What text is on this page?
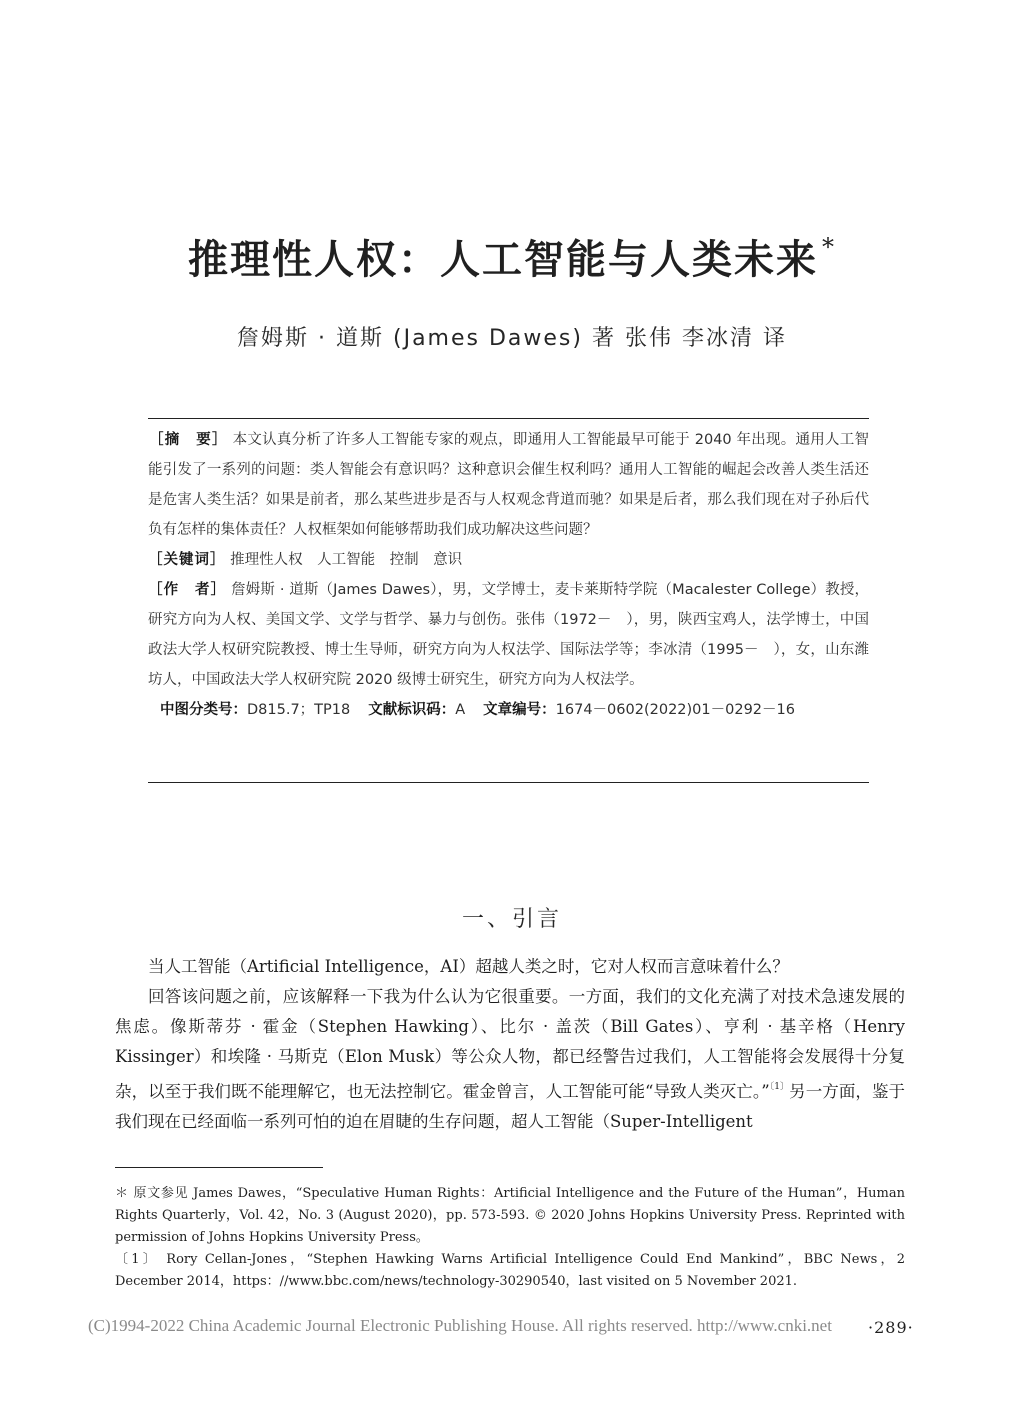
推理性人权：人工智能与人类未来 *
詹姆斯 · 道斯 (James Dawes) 著 张伟 李冰清 译

［摘　要］ 本文认真分析了许多人工智能专家的观点，即通用人工智能最早可能于 2040 年出现。通用人工智能引发了一系列的问题：类人智能会有意识吗？这种意识会催生权利吗？通用人工智能的崛起会改善人类生活还是危害人类生活？如果是前者，那么某些进步是否与人权观念背道而驰？如果是后者，那么我们现在对子孙后代负有怎样的集体责任？人权框架如何能够帮助我们成功解决这些问题？

［关键词］ 推理性人权　人工智能　控制　意识

［作　者］ 詹姆斯 · 道斯（James Dawes），男，文学博士，麦卡莱斯特学院（Macalester College）教授，研究方向为人权、美国文学、文学与哲学、暴力与创伤。张伟（1972－　），男，陕西宝鸡人，法学博士，中国政法大学人权研究院教授、博士生导师，研究方向为人权法学、国际法学等；李冰清（1995－　），女，山东潍坊人，中国政法大学人权研究院 2020 级博士研究生，研究方向为人权法学。

中图分类号：D815.7；TP18 文献标识码：A 文章编号：1674－0602(2022)01－0292－16

一、引言

当人工智能（Artificial Intelligence，AI）超越人类之时，它对人权而言意味着什么？

回答该问题之前，应该解释一下我为什么认为它很重要。一方面，我们的文化充满了对技术急速发展的焦虑。像斯蒂芬 · 霍金（Stephen Hawking）、比尔 · 盖茨（Bill Gates）、亨利 · 基辛格（Henry Kissinger）和埃隆 · 马斯克（Elon Musk）等公众人物，都已经警告过我们，人工智能将会发展得十分复杂，以至于我们既不能理解它，也无法控制它。霍金曾言，人工智能可能“导致人类灭亡。”$^{〔1〕}$另一方面，鉴于我们现在已经面临一系列可怕的迫在眉睫的生存问题，超人工智能（Super-Intelligent

＊ 原文参见 James Dawes，“Speculative Human Rights：Artificial Intelligence and the Future of the Human”，Human Rights Quarterly，Vol. 42，No. 3 (August 2020)，pp. 573-593. © 2020 Johns Hopkins University Press. Reprinted with permission of Johns Hopkins University Press。

〔1〕 Rory Cellan-Jones，“Stephen Hawking Warns Artificial Intelligence Could End Mankind”，BBC News，2 December 2014，https：//www.bbc.com/news/technology-30290540，last visited on 5 November 2021.

(C)1994-2022 China Academic Journal Electronic Publishing House. All rights reserved. http://www.cnki.net ·289·
